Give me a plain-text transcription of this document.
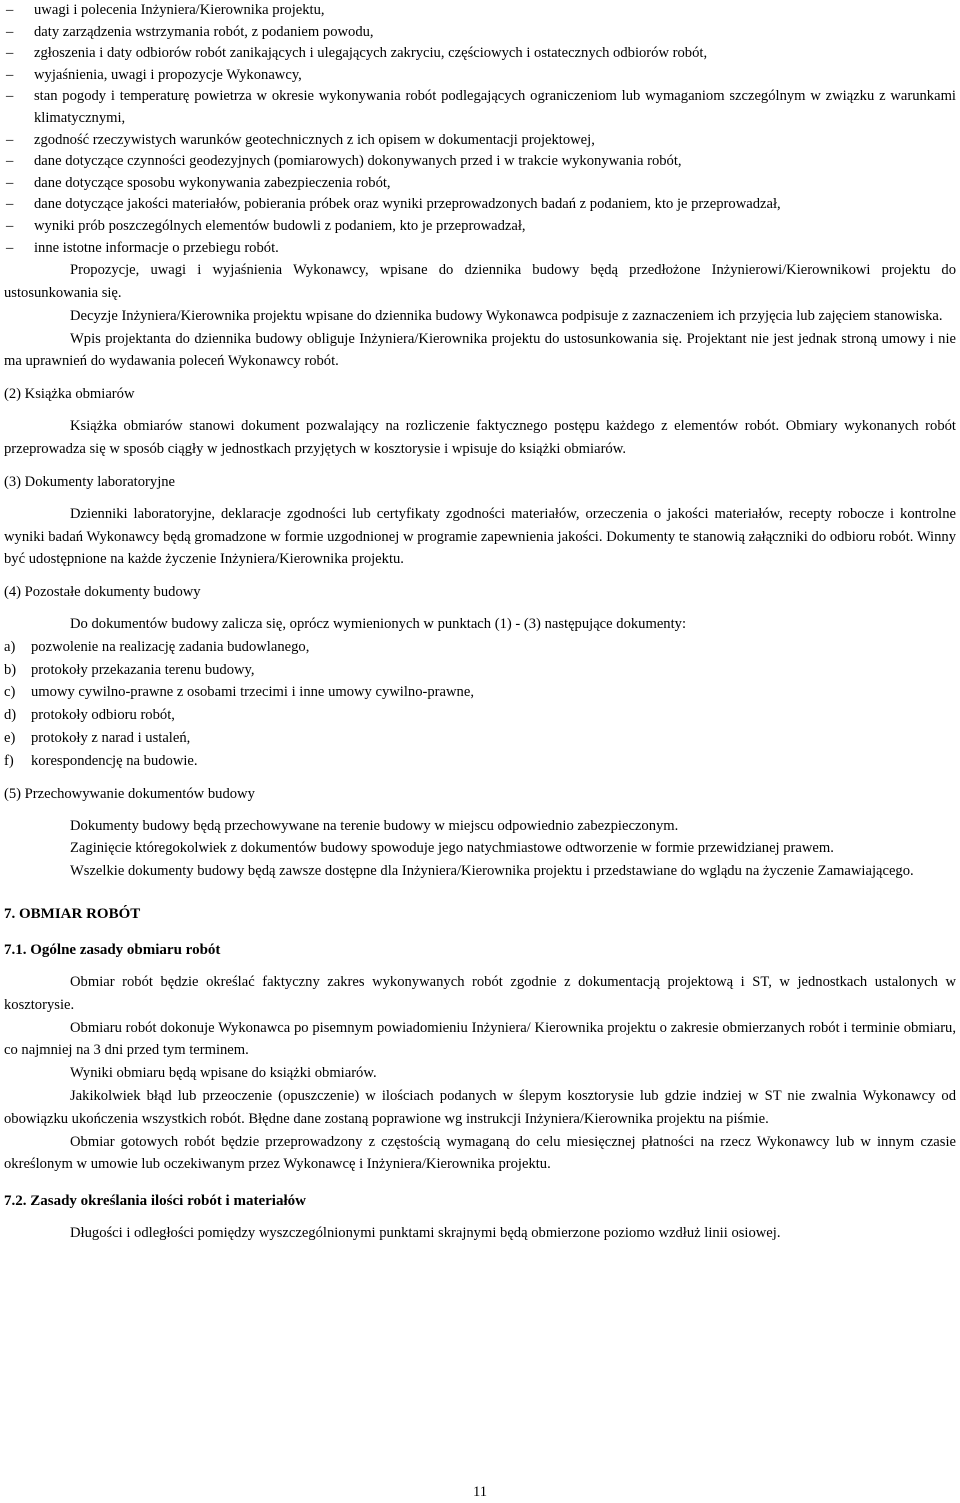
– uwagi i polecenia Inżyniera/Kierownika projektu,

– daty zarządzenia wstrzymania robót, z podaniem powodu,

– zgłoszenia i daty odbiorów robót zanikających i ulegających zakryciu, częściowych i ostatecznych odbiorów robót,

– wyjaśnienia, uwagi i propozycje Wykonawcy,

– stan pogody i temperaturę powietrza w okresie wykonywania robót podlegających ograniczeniom lub wymaganiom szczególnym w związku z warunkami klimatycznymi,

– zgodność rzeczywistych warunków geotechnicznych z ich opisem w dokumentacji projektowej,

– dane dotyczące czynności geodezyjnych (pomiarowych) dokonywanych przed i w trakcie wykonywania robót,

– dane dotyczące sposobu wykonywania zabezpieczenia robót,

– dane dotyczące jakości materiałów, pobierania próbek oraz wyniki przeprowadzonych badań z podaniem, kto je przeprowadzał,

– wyniki prób poszczególnych elementów budowli z podaniem, kto je przeprowadzał,

– inne istotne informacje o przebiegu robót.

Propozycje, uwagi i wyjaśnienia Wykonawcy, wpisane do dziennika budowy będą przedłożone Inżynierowi/Kierownikowi projektu do ustosunkowania się.

Decyzje Inżyniera/Kierownika projektu wpisane do dziennika budowy Wykonawca podpisuje z zaznaczeniem ich przyjęcia lub zajęciem stanowiska.

Wpis projektanta do dziennika budowy obliguje Inżyniera/Kierownika projektu do ustosunkowania się. Projektant nie jest jednak stroną umowy i nie ma uprawnień do wydawania poleceń Wykonawcy robót.

(2) Książka obmiarów

Książka obmiarów stanowi dokument pozwalający na rozliczenie faktycznego postępu każdego z elementów robót. Obmiary wykonanych robót przeprowadza się w sposób ciągły w jednostkach przyjętych w kosztorysie i wpisuje do książki obmiarów.

(3) Dokumenty laboratoryjne

Dzienniki laboratoryjne, deklaracje zgodności lub certyfikaty zgodności materiałów, orzeczenia o jakości materiałów, recepty robocze i kontrolne wyniki badań Wykonawcy będą gromadzone w formie uzgodnionej w programie zapewnienia jakości. Dokumenty te stanowią załączniki do odbioru robót. Winny być udostępnione na każde życzenie Inżyniera/Kierownika projektu.

(4) Pozostałe dokumenty budowy

Do dokumentów budowy zalicza się, oprócz wymienionych w punktach (1) - (3) następujące dokumenty:

a)	pozwolenie na realizację zadania budowlanego,
b)	protokoły przekazania terenu budowy,
c)	umowy cywilno-prawne z osobami trzecimi i inne umowy cywilno-prawne,
d)	protokoły odbioru robót,
e)	protokoły z narad i ustaleń,
f)	korespondencję na budowie.

(5) Przechowywanie dokumentów budowy

Dokumenty budowy będą przechowywane na terenie budowy w miejscu odpowiednio zabezpieczonym.

Zaginięcie któregokolwiek z dokumentów budowy spowoduje jego natychmiastowe odtworzenie w formie przewidzianej prawem.

Wszelkie dokumenty budowy będą zawsze dostępne dla Inżyniera/Kierownika projektu i przedstawiane do wglądu na życzenie Zamawiającego.

7. OBMIAR ROBÓT

7.1. Ogólne zasady obmiaru robót

Obmiar robót będzie określać faktyczny zakres wykonywanych robót zgodnie z dokumentacją projektową i ST, w jednostkach ustalonych w kosztorysie.

Obmiaru robót dokonuje Wykonawca po pisemnym powiadomieniu Inżyniera/ Kierownika projektu o zakresie obmierzanych robót i terminie obmiaru, co najmniej na 3 dni przed tym terminem.

Wyniki obmiaru będą wpisane do książki obmiarów.

Jakikolwiek błąd lub przeoczenie (opuszczenie) w ilościach podanych w ślepym kosztorysie lub gdzie indziej w ST nie zwalnia Wykonawcy od obowiązku ukończenia wszystkich robót. Błędne dane zostaną poprawione wg instrukcji Inżyniera/Kierownika projektu na piśmie.

Obmiar gotowych robót będzie przeprowadzony z częstością wymaganą do celu miesięcznej płatności na rzecz Wykonawcy lub w innym czasie określonym w umowie lub oczekiwanym przez Wykonawcę i Inżyniera/Kierownika projektu.

7.2. Zasady określania ilości robót i materiałów

Długości i odległości pomiędzy wyszczególnionymi punktami skrajnymi będą obmierzone poziomo wzdłuż linii osiowej.

11
